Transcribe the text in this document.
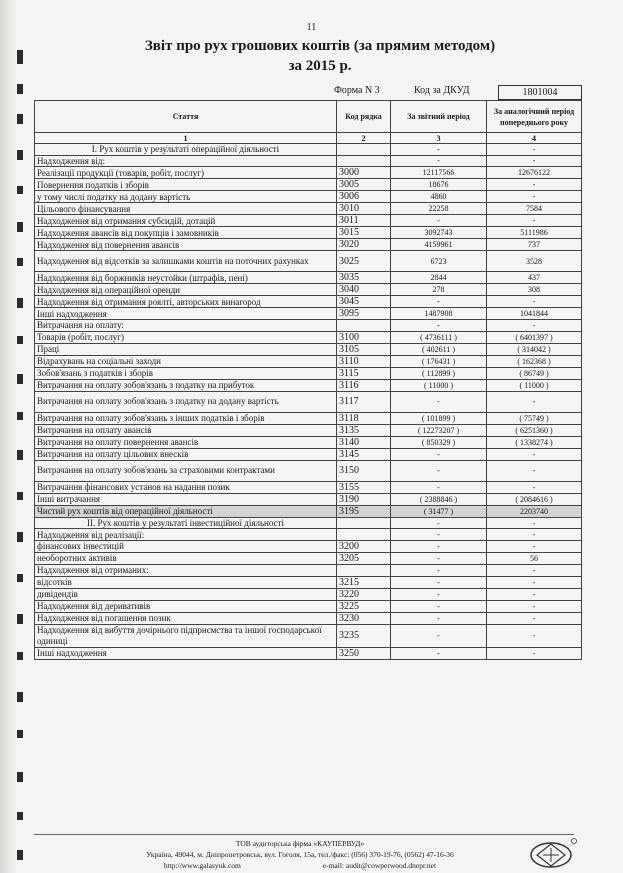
11
Звіт про рух грошових коштів (за прямим методом)
за 2015 р.
Форма N 3	Код за ДКУД	1801004
Стаття	Код рядка	За звітний період	За аналогічний період попереднього року
1	2	3	4
I. Рух коштів у результаті операційної діяльності		-	-
Надходження від:		-	-
Реалізації продукції (товарів, робіт, послуг)	3000	12117566	12676122
Повернення податків і зборів	3005	18676	-
у тому числі податку на додану вартість	3006	4860	-
Цільового фінансування	3010	22258	7584
Надходження від отримання субсидій, дотацій	3011	-	-
Надходження авансів від покупців і замовників	3015	3092743	5111986
Надходження від повернення авансів	3020	4159961	737
Надходження від відсотків за залишками коштів на поточних рахунках	3025	6723	3528
Надходження від боржників неустойки (штрафів, пені)	3035	2844	437
Надходження від операційної оренди	3040	278	308
Надходження від отримання роялті, авторських винагород	3045	-	-
Інші надходження	3095	1487908	1041844
Витрачання на оплату:		-	-
Товарів (робіт, послуг)	3100	( 4736111 )	( 6401397 )
Праці	3105	( 402611 )	( 314042 )
Відрахувань на соціальні заходи	3110	( 176431 )	( 162368 )
Зобов'язань з податків і зборів	3115	( 112899 )	( 86749 )
Витрачання на оплату зобов'язань з податку на прибуток	3116	( 11000 )	( 11000 )
Витрачання на оплату зобов'язань з податку на додану вартість	3117	-	-
Витрачання на оплату зобов'язань з інших податків і зборів	3118	( 101899 )	( 75749 )
Витрачання на оплату авансів	3135	( 12273207 )	( 6251360 )
Витрачання на оплату повернення авансів	3140	( 850329 )	( 1338274 )
Витрачання на оплату цільових внесків	3145	-	-
Витрачання на оплату зобов'язань за страховими контрактами	3150	-	-
Витрачання фінансових установ на надання позик	3155	-	-
Інші витрачання	3190	( 2388846 )	( 2084616 )
Чистий рух коштів від операційної діяльності	3195	( 31477 )	2203740
II. Рух коштів у результаті інвестиційної діяльності		-	-
Надходження від реалізації:		-	-
фінансових інвестицій	3200	-	-
необоротних активів	3205	-	56
Надходження від отриманих:		-	-
відсотків	3215	-	-
дивідендів	3220	-	-
Надходження від деривативів	3225	-	-
Надходження від погашення позик	3230	-	-
Надходження від вибуття дочірнього підприємства та іншої господарської одиниці	3235	-	-
Інші надходження	3250	-	-
ТОВ аудиторська фірма «КАУПЕРВУД»
Україна, 49044, м. Дніпропетровськ, вул. Гоголя, 15а, тел./факс: (056) 370-19-76, (0562) 47-16-36
http://www.galasyuk.com	e-mail: audit@cowperwood.dnepr.net
